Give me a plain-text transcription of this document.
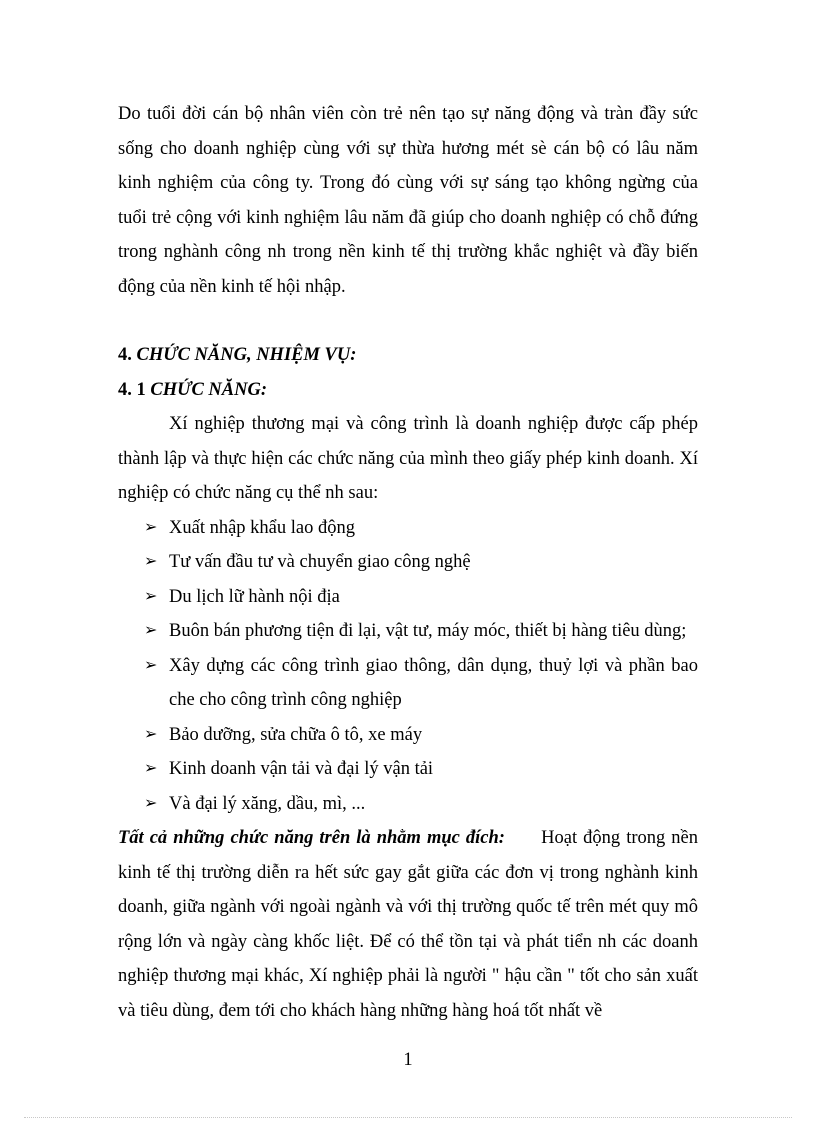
Do tuổi đời cán bộ nhân viên còn trẻ nên tạo sự năng động và tràn đầy sức sống cho doanh nghiệp cùng với sự thừa hương mét sè cán bộ có lâu năm kinh nghiệm của công ty. Trong đó cùng với sự sáng tạo không ngừng của tuổi trẻ cộng với kinh nghiệm lâu năm đã giúp cho doanh nghiệp có chỗ đứng trong nghành công nh trong nền kinh tế thị trường khắc nghiệt và đầy biến động của nền kinh tế hội nhập.

4. CHỨC NĂNG, NHIỆM VỤ:

4. 1 CHỨC NĂNG:

Xí nghiệp thương mại và công trình là doanh nghiệp được cấp phép thành lập và thực hiện các chức năng của mình theo giấy phép kinh doanh. Xí nghiệp có chức năng cụ thể nh sau:

➢ Xuất nhập khẩu lao động
➢ Tư vấn đầu tư và chuyển giao công nghệ
➢ Du lịch lữ hành nội địa
➢ Buôn bán phương tiện đi lại, vật tư, máy móc, thiết bị hàng tiêu dùng;
➢ Xây dựng các công trình giao thông, dân dụng, thuỷ lợi và phần bao che cho công trình công nghiệp
➢ Bảo dưỡng, sửa chữa ô tô, xe máy
➢ Kinh doanh vận tải và đại lý vận tải
➢ Và đại lý xăng, dầu, mì, ...

Tất cả những chức năng trên là nhằm mục đích: Hoạt động trong nền kinh tế thị trường diễn ra hết sức gay gắt giữa các đơn vị trong nghành kinh doanh, giữa ngành với ngoài ngành và với thị trường quốc tế trên mét quy mô rộng lớn và ngày càng khốc liệt. Để có thể tồn tại và phát tiển nh các doanh nghiệp thương mại khác, Xí nghiệp phải là người " hậu cần " tốt cho sản xuất và tiêu dùng, đem tới cho khách hàng những hàng hoá tốt nhất về

1
